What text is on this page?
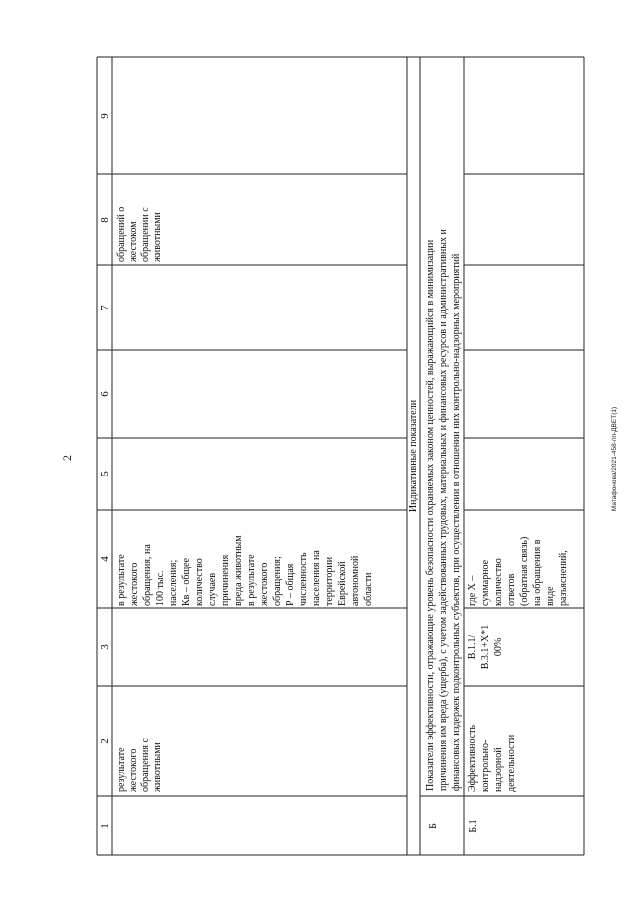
2	Матафонова/2021-458-пп-ДВЕТ(1)
9
8
7
6
5
4
3
2
1
результате жестокого обращения с животными
в результате жестокого обращения, на 100 тыс. населения; Кв – общее количество случаев причинения вреда животным в результате жестокого обращения; Р – общая численность населения на территории Еврейской автономной области
обращений о жестоком обращении с животными
Индикативные показатели
Б
Показатели эффективности, отражающие уровень безопасности охраняемых законом ценностей, выражающийся в минимизации причинения им вреда (ущерба), с учетом задействованных трудовых, материальных и финансовых ресурсов и административных и финансовых издержек подконтрольных субъектов, при осуществлении в отношении них контрольно-надзорных мероприятий
Б.1
Эффективность контрольно- надзорной деятельности
В.1.1/ В.3.1+X*1 00%
где X – суммарное количество ответов (обратная связь) на обращения в виде разъяснений,
